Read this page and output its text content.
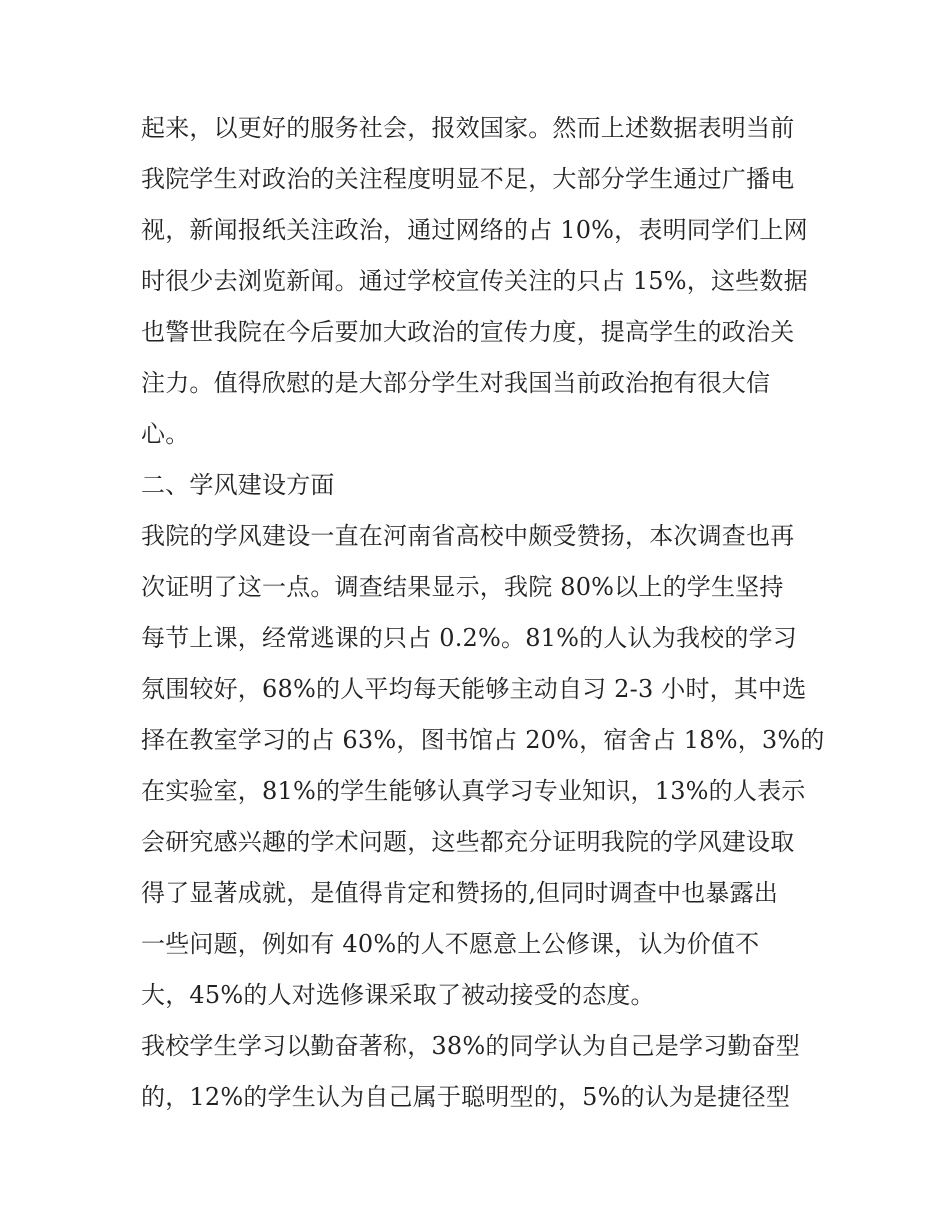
起来，以更好的服务社会，报效国家。然而上述数据表明当前
我院学生对政治的关注程度明显不足，大部分学生通过广播电
视，新闻报纸关注政治，通过网络的占 10%，表明同学们上网
时很少去浏览新闻。通过学校宣传关注的只占 15%，这些数据
也警世我院在今后要加大政治的宣传力度，提高学生的政治关
注力。值得欣慰的是大部分学生对我国当前政治抱有很大信
心。
二、学风建设方面
我院的学风建设一直在河南省高校中颇受赞扬，本次调查也再
次证明了这一点。调查结果显示，我院 80%以上的学生坚持
每节上课，经常逃课的只占 0.2%。81%的人认为我校的学习
氛围较好，68%的人平均每天能够主动自习 2-3 小时，其中选
择在教室学习的占 63%，图书馆占 20%，宿舍占 18%，3%的
在实验室，81%的学生能够认真学习专业知识，13%的人表示
会研究感兴趣的学术问题，这些都充分证明我院的学风建设取
得了显著成就，是值得肯定和赞扬的,但同时调查中也暴露出
一些问题，例如有 40%的人不愿意上公修课，认为价值不
大，45%的人对选修课采取了被动接受的态度。
我校学生学习以勤奋著称，38%的同学认为自己是学习勤奋型
的，12%的学生认为自己属于聪明型的，5%的认为是捷径型
